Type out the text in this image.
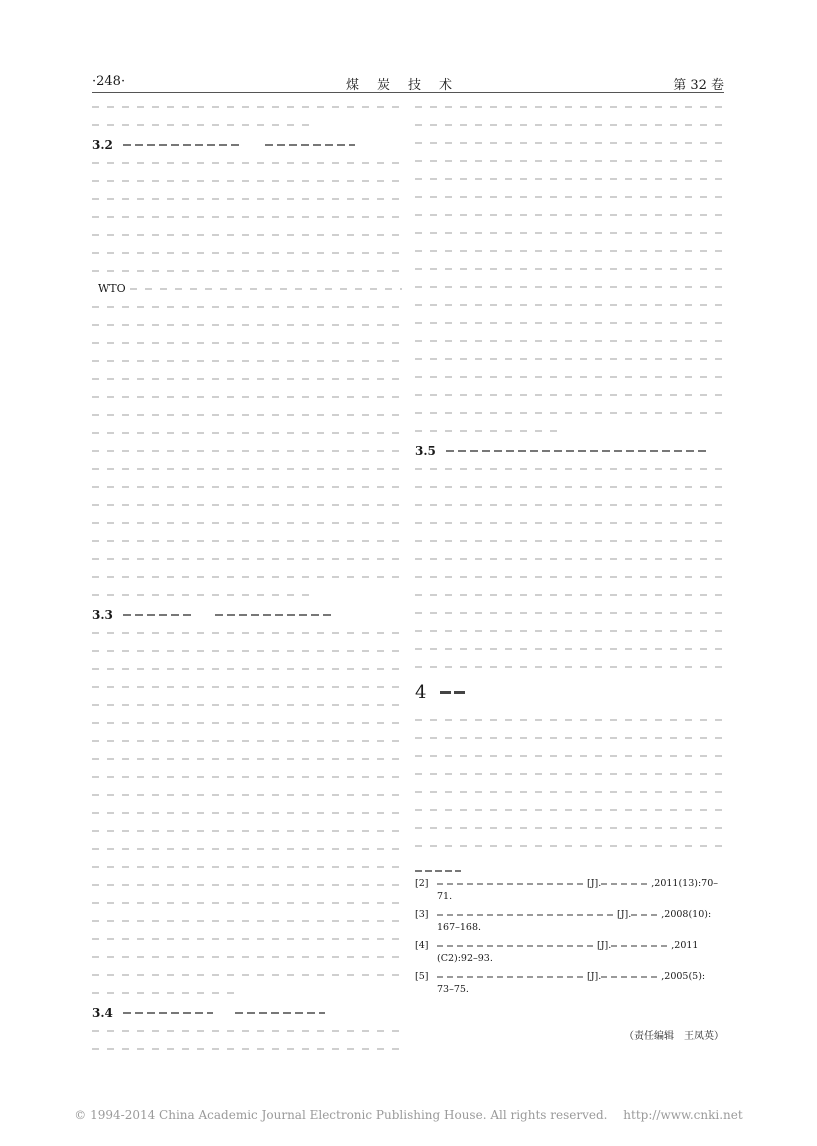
·248·	煤炭技术	第 32 卷
3.2
WTO
3.3
3.4
3.5
4
[2]	[J].	,2011(13):70–
71.
[3]	[J].	,2008(10):
167–168.
[4]	[J].	,2011
(C2):92–93.
[5]	[J].	,2005(5):
73–75.
（责任编辑　王凤英）
© 1994-2014 China Academic Journal Electronic Publishing House. All rights reserved.　 http://www.cnki.net
